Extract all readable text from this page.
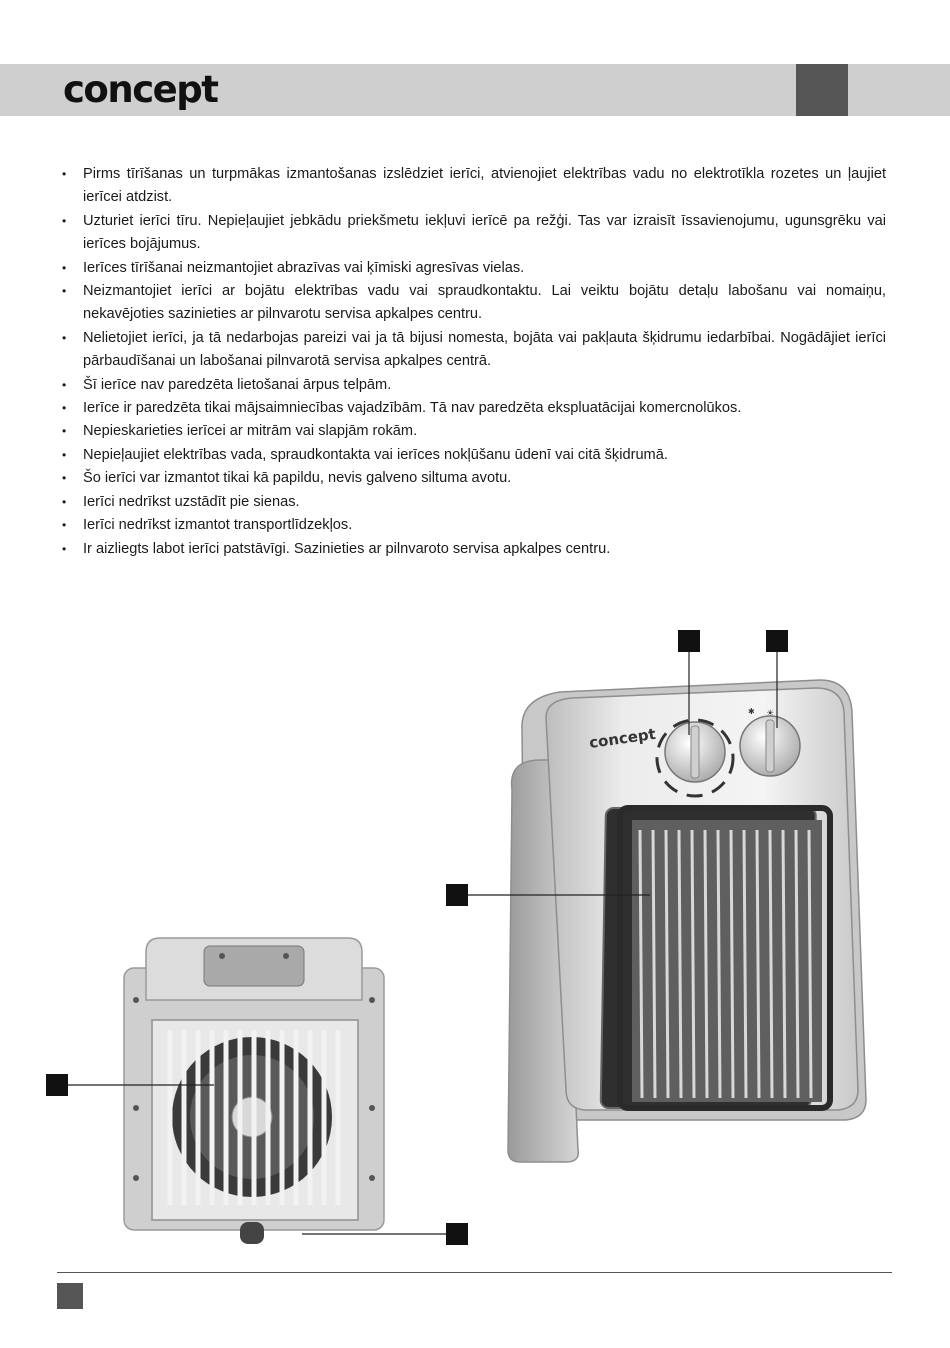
concept
• Pirms tīrīšanas un turpmākas izmantošanas izslēdziet ierīci, atvienojiet elektrības vadu no elektrotīkla rozetes un ļaujiet ierīcei atdzist.
• Uzturiet ierīci tīru. Nepieļaujiet jebkādu priekšmetu iekļuvi ierīcē pa režģi. Tas var izraisīt īssavienojumu, ugunsgrēku vai ierīces bojājumus.
• Ierīces tīrīšanai neizmantojiet abrazīvas vai ķīmiski agresīvas vielas.
• Neizmantojiet ierīci ar bojātu elektrības vadu vai spraudkontaktu. Lai veiktu bojātu detaļu labošanu vai nomaiņu, nekavējoties sazinieties ar pilnvarotu servisa apkalpes centru.
• Nelietojiet ierīci, ja tā nedarbojas pareizi vai ja tā bijusi nomesta, bojāta vai pakļauta šķidrumu iedarbībai. Nogādājiet ierīci pārbaudīšanai un labošanai pilnvarotā servisa apkalpes centrā.
• Šī ierīce nav paredzēta lietošanai ārpus telpām.
• Ierīce ir paredzēta tikai mājsaimniecības vajadzībām. Tā nav paredzēta ekspluatācijai komercnolūkos.
• Nepieskarieties ierīcei ar mitrām vai slapjām rokām.
• Nepieļaujiet elektrības vada, spraudkontakta vai ierīces nokļūšanu ūdenī vai citā šķidrumā.
• Šo ierīci var izmantot tikai kā papildu, nevis galveno siltuma avotu.
• Ierīci nedrīkst uzstādīt pie sienas.
• Ierīci nedrīkst izmantot transportlīdzekļos.
• Ir aizliegts labot ierīci patstāvīgi. Sazinieties ar pilnvaroto servisa apkalpes centru.
concept
✱ ☀
